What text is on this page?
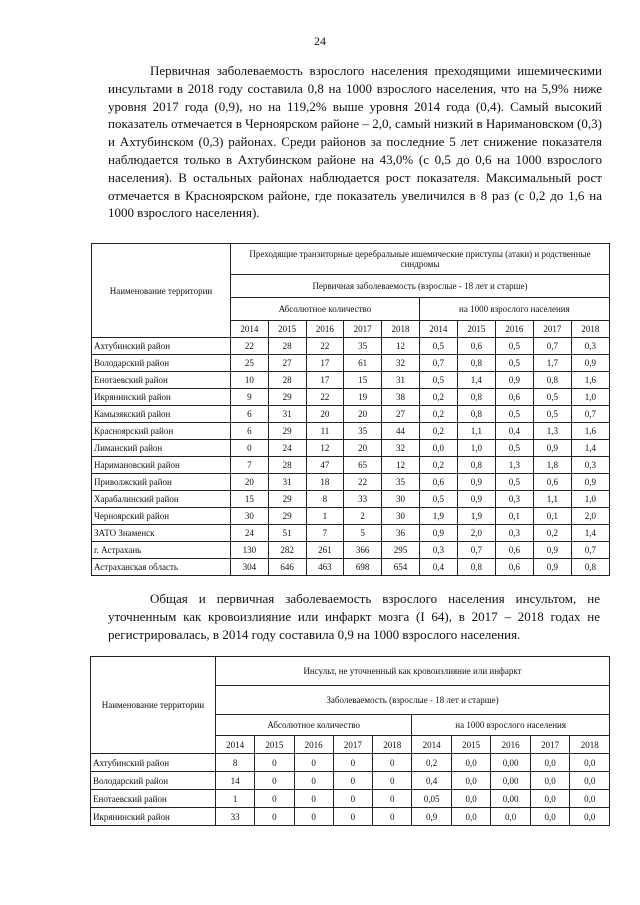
24

Первичная заболеваемость взрослого населения преходящими ишемическими инсультами в 2018 году составила 0,8 на 1000 взрослого населения, что на 5,9% ниже уровня 2017 года (0,9), но на 119,2% выше уровня 2014 года (0,4). Самый высокий показатель отмечается в Черноярском районе – 2,0, самый низкий в Наримановском (0,3) и Ахтубинском (0,3) районах. Среди районов за последние 5 лет снижение показателя наблюдается только в Ахтубинском районе на 43,0% (с 0,5 до 0,6 на 1000 взрослого населения). В остальных районах наблюдается рост показателя. Максимальный рост отмечается в Красноярском районе, где показатель увеличился в 8 раз (с 0,2 до 1,6 на 1000 взрослого населения).

Наименование территории	Преходящие транзиторные церебральные ишемические приступы (атаки) и родственные синдромы									
	Первичная заболеваемость (взрослые - 18 лет и старше)									
	Абсолютное количество					на 1000 взрослого населения				
	2014	2015	2016	2017	2018	2014	2015	2016	2017	2018
Ахтубинский район	22	28	22	35	12	0,5	0,6	0,5	0,7	0,3
Володарский район	25	27	17	61	32	0,7	0,8	0,5	1,7	0,9
Енотаевский район	10	28	17	15	31	0,5	1,4	0,9	0,8	1,6
Икрянинский район	9	29	22	19	38	0,2	0,8	0,6	0,5	1,0
Камызякский район	6	31	20	20	27	0,2	0,8	0,5	0,5	0,7
Красноярский район	6	29	11	35	44	0,2	1,1	0,4	1,3	1,6
Лиманский район	0	24	12	20	32	0,0	1,0	0,5	0,9	1,4
Наримановский район	7	28	47	65	12	0,2	0,8	1,3	1,8	0,3
Приволжский район	20	31	18	22	35	0,6	0,9	0,5	0,6	0,9
Харабалинский район	15	29	8	33	30	0,5	0,9	0,3	1,1	1,0
Черноярский район	30	29	1	2	30	1,9	1,9	0,1	0,1	2,0
ЗАТО Знаменск	24	51	7	5	36	0,9	2,0	0,3	0,2	1,4
г. Астрахань	130	282	261	366	295	0,3	0,7	0,6	0,9	0,7
Астраханская область	304	646	463	698	654	0,4	0,8	0,6	0,9	0,8

Общая и первичная заболеваемость взрослого населения инсультом, не уточненным как кровоизлияние или инфаркт мозга (I 64), в 2017 – 2018 годах не регистрировалась, в 2014 году составила 0,9 на 1000 взрослого населения.

Наименование территории	Инсульт, не уточненный как кровоизлияние или инфаркт									
	Заболеваемость (взрослые - 18 лет и старше)									
	Абсолютное количество					на 1000 взрослого населения				
	2014	2015	2016	2017	2018	2014	2015	2016	2017	2018
Ахтубинский район	8	0	0	0	0	0,2	0,0	0,00	0,0	0,0
Володарский район	14	0	0	0	0	0,4	0,0	0,00	0,0	0,0
Енотаевский район	1	0	0	0	0	0,05	0,0	0,00	0,0	0,0
Икрянинский район	33	0	0	0	0	0,9	0,0	0,0	0,0	0,0
